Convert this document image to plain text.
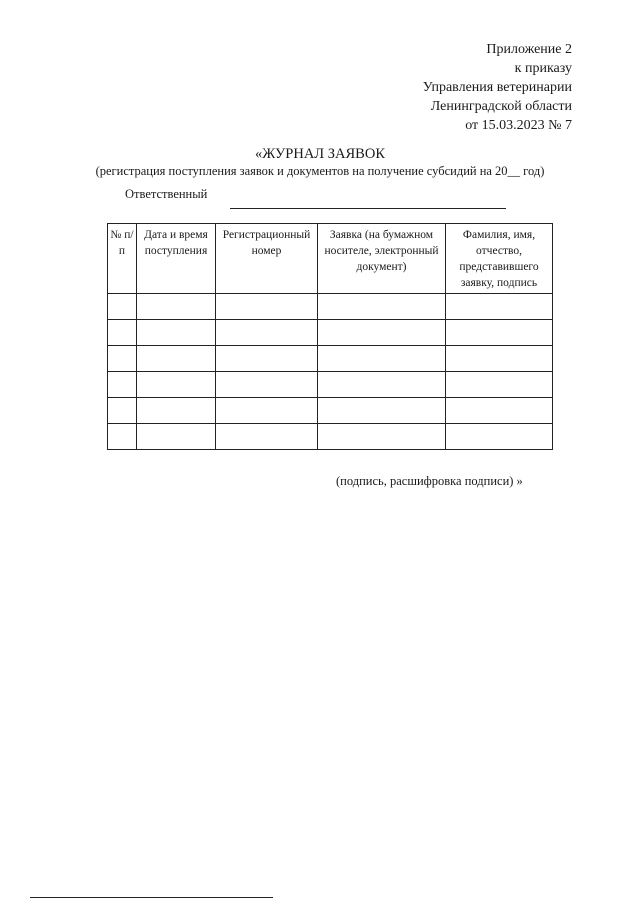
Приложение 2
к приказу
Управления ветеринарии
Ленинградской области
от 15.03.2023 № 7
«ЖУРНАЛ ЗАЯВОК
(регистрация поступления заявок и документов на получение субсидий на 20__ год)
Ответственный
№ п/п	Дата и время поступления	Регистрационный номер	Заявка (на бумажном носителе, электронный документ)	Фамилия, имя, отчество, представившего заявку, подпись

(подпись, расшифровка подписи) »
